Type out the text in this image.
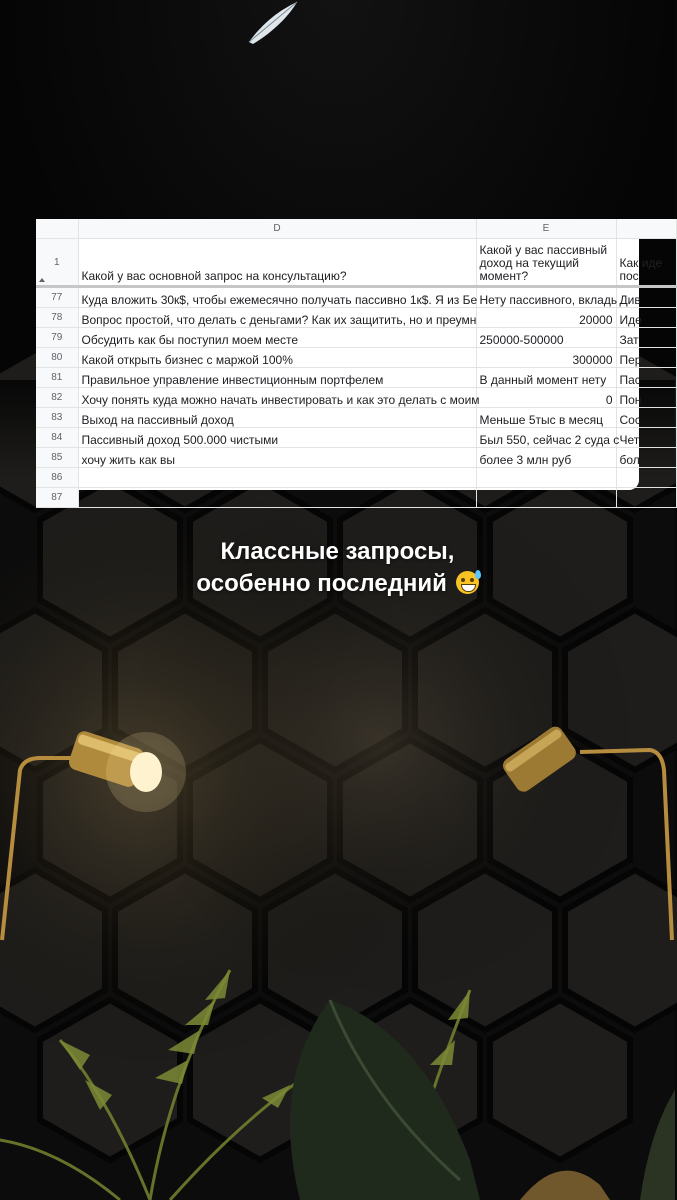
	D	E	
1	Какой у вас основной запрос на консультацию?	Какой у вас пассивный доход на текущий момент?	Как иде пос
77	Куда вложить 30к$, чтобы ежемесячно получать пассивно 1к$. Я из Бе	Нету пассивного, вкладь	Див
78	Вопрос простой, что делать с деньгами? Как их защитить, но и преумн	20000	Иде
79	Обсудить как бы поступил моем месте	250000-500000	Зат
80	Какой открыть бизнес с маржой 100%	300000	Пер
81	Правильное управление инвестиционным портфелем	В данный момент нету	Пас
82	Хочу понять куда можно начать инвестировать и как это делать с моим	0	Пон
83	Выход на пассивный доход	Меньше 5тыс в месяц	Сос
84	Пассивный доход 500.000 чистыми	Был 550, сейчас 2 суда с	Чет
85	хочу жить как вы	более 3 млн руб	бол
86			
87			
Классные запросы,
особенно последний
